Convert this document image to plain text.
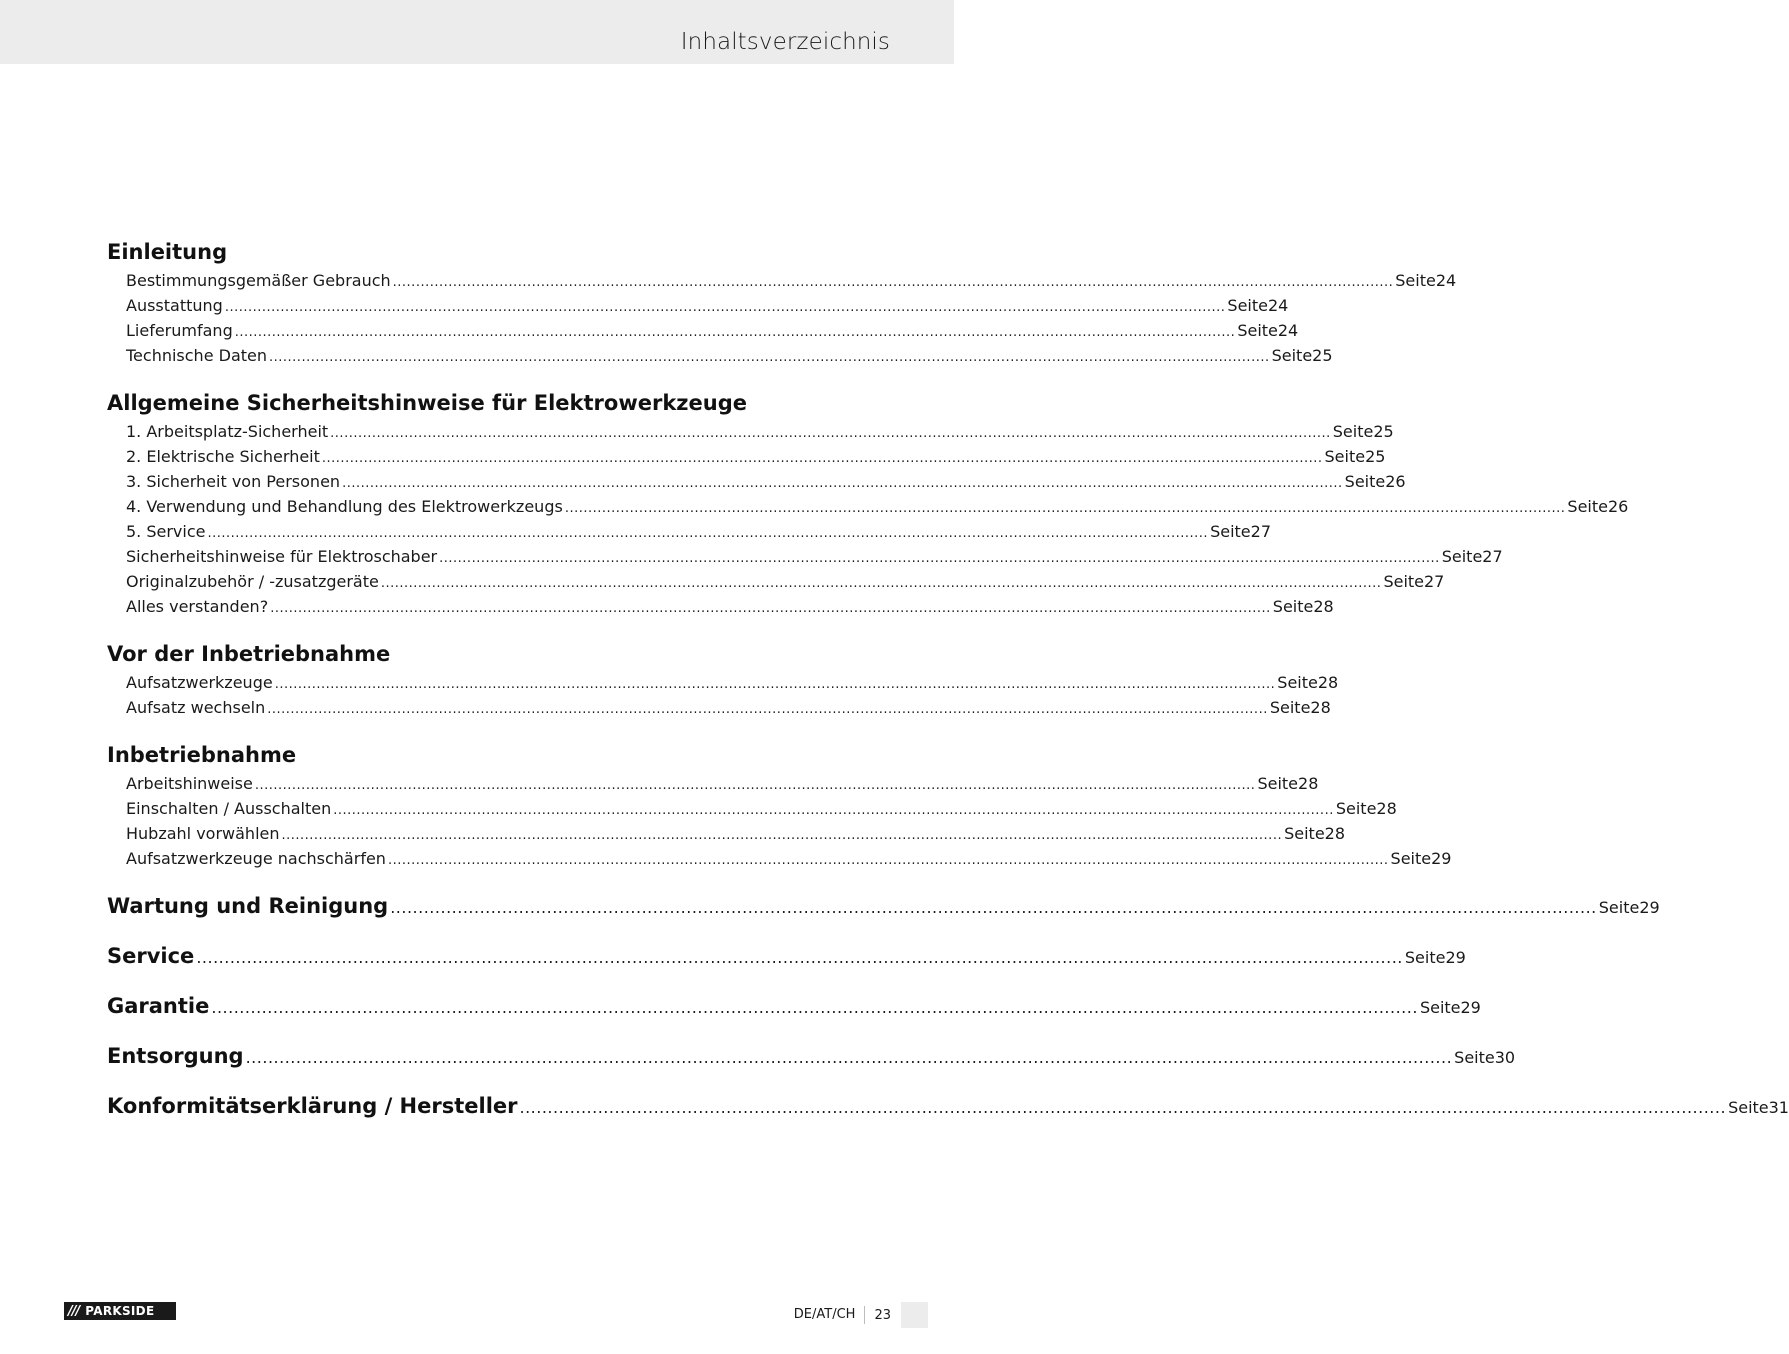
Inhaltsverzeichnis
Einleitung
Bestimmungsgemäßer Gebrauch ........................................................................................................................................................................................................................ Seite 24
Ausstattung ........................................................................................................................................................................................................................ Seite 24
Lieferumfang ........................................................................................................................................................................................................................ Seite 24
Technische Daten ........................................................................................................................................................................................................................ Seite 25
Allgemeine Sicherheitshinweise für Elektrowerkzeuge
1. Arbeitsplatz-Sicherheit ........................................................................................................................................................................................................................ Seite 25
2. Elektrische Sicherheit ........................................................................................................................................................................................................................ Seite 25
3. Sicherheit von Personen ........................................................................................................................................................................................................................ Seite 26
4. Verwendung und Behandlung des Elektrowerkzeugs ........................................................................................................................................................................................................................ Seite 26
5. Service ........................................................................................................................................................................................................................ Seite 27
Sicherheitshinweise für Elektroschaber ........................................................................................................................................................................................................................ Seite 27
Originalzubehör / -zusatzgeräte ........................................................................................................................................................................................................................ Seite 27
Alles verstanden? ........................................................................................................................................................................................................................ Seite 28
Vor der Inbetriebnahme
Aufsatzwerkzeuge ........................................................................................................................................................................................................................ Seite 28
Aufsatz wechseln ........................................................................................................................................................................................................................ Seite 28
Inbetriebnahme
Arbeitshinweise ........................................................................................................................................................................................................................ Seite 28
Einschalten / Ausschalten ........................................................................................................................................................................................................................ Seite 28
Hubzahl vorwählen ........................................................................................................................................................................................................................ Seite 28
Aufsatzwerkzeuge nachschärfen ........................................................................................................................................................................................................................ Seite 29
Wartung und Reinigung ........................................................................................................................................................................................................................ Seite 29
Service ........................................................................................................................................................................................................................ Seite 29
Garantie ........................................................................................................................................................................................................................ Seite 29
Entsorgung ........................................................................................................................................................................................................................ Seite 30
Konformitätserklärung / Hersteller ........................................................................................................................................................................................................................ Seite 31
/// PARKSIDE	DE/AT/CH	23
